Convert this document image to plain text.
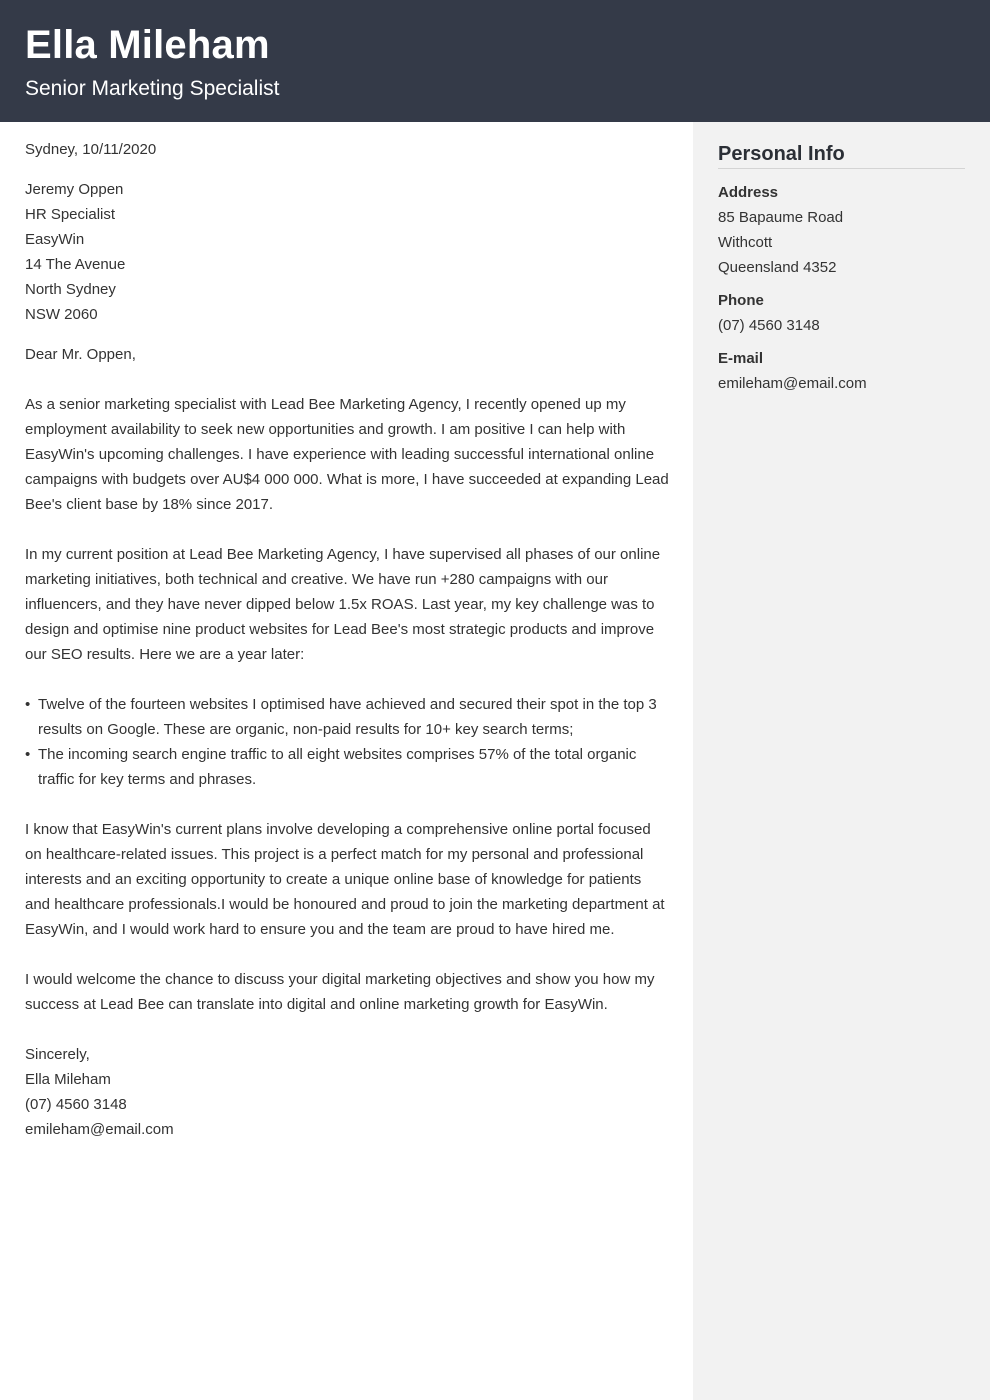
Ella Mileham
Senior Marketing Specialist

Sydney, 10/11/2020

Jeremy Oppen

HR Specialist

EasyWin

14 The Avenue

North Sydney

NSW 2060

Dear Mr. Oppen,

As a senior marketing specialist with Lead Bee Marketing Agency, I recently opened up my employment availability to seek new opportunities and growth. I am positive I can help with EasyWin's upcoming challenges. I have experience with leading successful international online campaigns with budgets over AU$4 000 000. What is more, I have succeeded at expanding Lead Bee's client base by 18% since 2017.

In my current position at Lead Bee Marketing Agency, I have supervised all phases of our online marketing initiatives, both technical and creative. We have run +280 campaigns with our influencers, and they have never dipped below 1.5x ROAS. Last year, my key challenge was to design and optimise nine product websites for Lead Bee's most strategic products and improve our SEO results. Here we are a year later:

• Twelve of the fourteen websites I optimised have achieved and secured their spot in the top 3 results on Google. These are organic, non-paid results for 10+ key search terms;
• The incoming search engine traffic to all eight websites comprises 57% of the total organic traffic for key terms and phrases.

I know that EasyWin's current plans involve developing a comprehensive online portal focused on healthcare-related issues. This project is a perfect match for my personal and professional interests and an exciting opportunity to create a unique online base of knowledge for patients and healthcare professionals.I would be honoured and proud to join the marketing department at EasyWin, and I would work hard to ensure you and the team are proud to have hired me.

I would welcome the chance to discuss your digital marketing objectives and show you how my success at Lead Bee can translate into digital and online marketing growth for EasyWin.

Sincerely,

Ella Mileham

(07) 4560 3148

emileham@email.com

Personal Info
Address
85 Bapaume Road
Withcott
Queensland 4352
Phone
(07) 4560 3148
E-mail
emileham@email.com
